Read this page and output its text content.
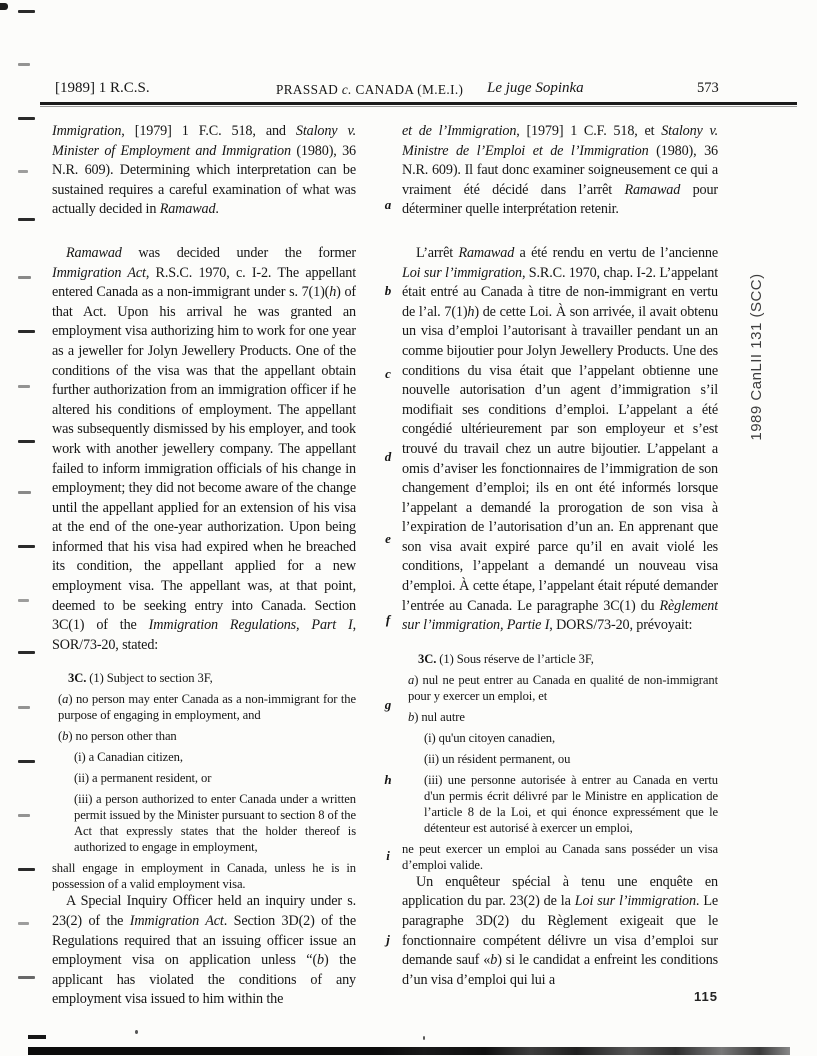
[1989] 1 R.C.S.	PRASSAD c. CANADA (M.E.I.) Le juge Sopinka	573

Immigration, [1979] 1 F.C. 518, and Stalony v. Minister of Employment and Immigration (1980), 36 N.R. 609). Determining which interpretation can be sustained requires a careful examination of what was actually decided in Ramawad.

Ramawad was decided under the former Immigration Act, R.S.C. 1970, c. I-2. The appellant entered Canada as a non-immigrant under s. 7(1)(h) of that Act. Upon his arrival he was granted an employment visa authorizing him to work for one year as a jeweller for Jolyn Jewellery Products. One of the conditions of the visa was that the appellant obtain further authorization from an immigration officer if he altered his conditions of employment. The appellant was subsequently dismissed by his employer, and took work with another jewellery company. The appellant failed to inform immigration officials of his change in employment; they did not become aware of the change until the appellant applied for an extension of his visa at the end of the one-year authorization. Upon being informed that his visa had expired when he breached its condition, the appellant applied for a new employment visa. The appellant was, at that point, deemed to be seeking entry into Canada. Section 3C(1) of the Immigration Regulations, Part I, SOR/73-20, stated:

3C. (1) Subject to section 3F,

(a) no person may enter Canada as a non-immigrant for the purpose of engaging in employment, and

(b) no person other than

(i) a Canadian citizen,

(ii) a permanent resident, or

(iii) a person authorized to enter Canada under a written permit issued by the Minister pursuant to section 8 of the Act that expressly states that the holder thereof is authorized to engage in employment,

shall engage in employment in Canada, unless he is in possession of a valid employment visa.

A Special Inquiry Officer held an inquiry under s. 23(2) of the Immigration Act. Section 3D(2) of the Regulations required that an issuing officer issue an employment visa on application unless “(b) the applicant has violated the conditions of any employment visa issued to him within the

et de l’Immigration, [1979] 1 C.F. 518, et Stalony v. Ministre de l’Emploi et de l’Immigration (1980), 36 N.R. 609). Il faut donc examiner soigneusement ce qui a vraiment été décidé dans l’arrêt Ramawad pour déterminer quelle interprétation retenir.

L’arrêt Ramawad a été rendu en vertu de l’ancienne Loi sur l’immigration, S.R.C. 1970, chap. I-2. L’appelant était entré au Canada à titre de non-immigrant en vertu de l’al. 7(1)h) de cette Loi. À son arrivée, il avait obtenu un visa d’emploi l’autorisant à travailler pendant un an comme bijoutier pour Jolyn Jewellery Products. Une des conditions du visa était que l’appelant obtienne une nouvelle autorisation d’un agent d’immigration s’il modifiait ses conditions d’emploi. L’appelant a été congédié ultérieurement par son employeur et s’est trouvé du travail chez un autre bijoutier. L’appelant a omis d’aviser les fonctionnaires de l’immigration de son changement d’emploi; ils en ont été informés lorsque l’appelant a demandé la prorogation de son visa à l’expiration de l’autorisation d’un an. En apprenant que son visa avait expiré parce qu’il en avait violé les conditions, l’appelant a demandé un nouveau visa d’emploi. À cette étape, l’appelant était réputé demander l’entrée au Canada. Le paragraphe 3C(1) du Règlement sur l’immigration, Partie I, DORS/73-20, prévoyait:

3C. (1) Sous réserve de l’article 3F,

a) nul ne peut entrer au Canada en qualité de non-immigrant pour y exercer un emploi, et

b) nul autre

(i) qu'un citoyen canadien,

(ii) un résident permanent, ou

(iii) une personne autorisée à entrer au Canada en vertu d'un permis écrit délivré par le Ministre en application de l’article 8 de la Loi, et qui énonce expressément que le détenteur est autorisé à exercer un emploi,

ne peut exercer un emploi au Canada sans posséder un visa d’emploi valide.

Un enquêteur spécial à tenu une enquête en application du par. 23(2) de la Loi sur l’immigration. Le paragraphe 3D(2) du Règlement exigeait que le fonctionnaire compétent délivre un visa d’emploi sur demande sauf «b) si le candidat a enfreint les conditions d’un visa d’emploi qui lui a

a
b
c
d
e
f
g
h
i
j
1989 CanLII 131 (SCC)
115
